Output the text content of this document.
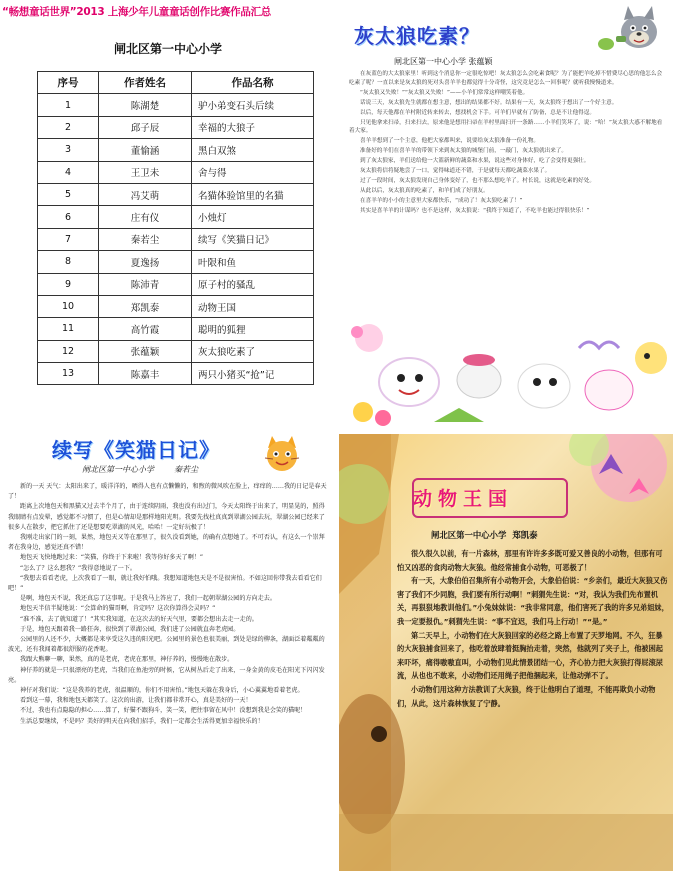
“畅想童话世界”2013 上海少年儿童童话创作比赛作品汇总
闸北区第一中心小学
序号	作者姓名	作品名称
1	陈湖楚	驴小弟变石头后续
2	邱子辰	幸福的大狼子
3	董愉涵	黑白双煞
4	王卫未	舍与得
5	冯艾萌	名猫体验馆里的名猫
6	庄有仪	小烛灯
7	秦若尘	续写《笑猫日记》
8	夏逸扬	叶限和鱼
9	陈沛青	原子村的骚乱
10	郑凯泰	动物王国
11	高竹霞	聪明的狐狸
12	张蕴颖	灰太狼吃素了
13	陈嘉丰	两只小猪买“抢”记
灰太狼吃素？
闸北区第一中心小学 张蕴颖

在灰蓝色的大太狼家里！听到这个消息你一定很吃惊吧！灰太狼怎么会吃素食呢？为了能把羊吃掉不惜费尽心思的他怎么会吃素了呢？一直以来是灰太狼的死对头喜羊羊也都觉得十分奇怪，这究竟是怎么一回事呢？就听我慢慢道来。

“灰太狼又失败！”“灰太狼又失败！”——小羊们常常这样嘲笑着他。

话说三天，灰太狼先生就都在想主意，想出的结果都不好。结果有一天，灰太狼终于想出了一个好主意。

以后，每天他都在羊村附近转来转去，想找机会下手。可羊们早就有了防备，总是不让他得逞。

只见他拿来扫帚，扫来扫去，原来他是想用扫帚在羊村里面扫开一条路……小羊们笑坏了，说：“哈！”灰太狼大惑不解地看着大家。

喜羊羊想到了一个主意，他把大家都叫来，说要给灰太狼准备一份礼物。

准备好的羊们在喜羊羊的带领下来到灰太狼的城堡门前，一敲门，灰太狼就出来了。

到了灰太狼家，羊们送给他一大篮新鲜的蔬菜和水果，说这些对身体好，吃了会变得更强壮。

灰太狼将信将疑地尝了一口，觉得味道还不错，于是就每天都吃蔬菜水果了。

过了一段时间，灰太狼发现自己身体变好了，也不那么想吃羊了。村长说，这就是吃素的好处。

从此以后，灰太狼真的吃素了，和羊们成了好朋友。

在喜羊羊的小小的主意里大家都快乐，“成功了！灰太狼吃素了！”

其实是喜羊羊的计谋吗？也不是这样，灰太狼说：“我终于知道了，不吃羊也能过得很快乐！”

续写《笑猫日记》
闸北区第一中心小学	秦若尘

新的一天 天气：太阳出来了，暖洋洋的，晒得人也有点懒懒的，和煦的微风吹在脸上，痒痒的……我的日记是春天了！

距离上次地包天和黑猫又过去半个月了，由于连续阴雨，我也没有出过门，今天太阳终于出来了，明显晃的，照得我眼睛有点发晕，感觉都不习惯了，但是心情却是那样地阳光明。我要先找杜真真到翠湖公园去玩，翠湖公园已经来了很多人在散步，把它抓住了还是想要吃翠湖的风光，哈哈！一定好玩极了！

我刚走出家门的一刻，果然，地包天又等在那里了，很久没看到她，的确有点想她了。不可否认，有这么一个崇拜者在我身边，感觉还真不错！

地包天飞快地跑过来：“笑猫，你终于下来啦！我等你好多天了啊！”

“怎么了？这么想我？”我得意地说了一下。

“我想去看看老虎，上次我看了一眼，就让我好怕哦。我想知道地包天是不是很害怕。不如这回你带我去看看它们吧！”

是啊，地包天不说，我还真忘了这事呢。于是我马上答应了，我们一起朝翠湖公园的方向走去。

地包天半信半疑地说：“会算命的猫哥啊，肯定吗？这次你算得会灵吗？”

“准不准，去了就知道了！”其实我知道，在这次去的好天气里，要都会想出去走一走的。

于是，地包天跟着我一路狂奔，很快到了翠湖公园，我们进了公园就直奔老虎园。

公园里的人还不少，大概都是来享受这久违的阳光吧。公园里的景色也很美丽，到处是绿的柳条，湖面泛着粼粼的波光，还有我闻着都很舒服的花香呢。

我跟大熊聊一聊，果然，真的是老虎，老虎在那里，神仔养的，慢慢地在散步。

神仔养的就是一只很漂亮的老虎，当我们在鱼池旁的时候，它从树丛后走了出来，一身金黄的皮毛在阳光下闪闪发亮。

神仔对我们说：“这是我养的老虎，很温顺的，你们不用害怕。”地包天躲在我身后，小心翼翼地看着老虎。

看到这一幕，我和地包天都笑了。这次的出游，让我们都非常开心，真是美好的一天！

不过，我也有点隐隐的担心……算了，好猫不跟狗斗，笑一笑，把往事留在风中！没想到我是会笑的猫呢！

生活总要继续，不是吗？美好的明天在向我们招手，我们一定都会生活得更加幸福快乐的！

动物王国
闸北区第一中心小学 郑凯泰

很久很久以前，有一片森林，那里有许许多多既可爱又善良的小动物，但那有可怕又凶恶的食肉动物大灰狼。他经常捕食小动物，可恶极了！

有一天，大象伯伯召集所有小动物开会，大象伯伯说：“乡亲们，最近大灰狼又伤害了我们不少同胞，我们要有所行动啊！”刺猬先生说：“对，我认为我们先布置机关，再狠狠地教训他们。”小兔妹妹说：“我非常同意，他们害死了我的许多兄弟姐妹，我一定要报仇。”刺猬先生说：“事不宜迟，我们马上行动！”“是。”

第二天早上，小动物们在大灰狼回家的必经之路上布置了天罗地网。不久，狂暴的大灰狼捕食回来了，他吃着放肆着挺胸抬走着，突然，他就列了夹子上，他被困起来吓坏，痛得嗷嗷直叫，小动物们见此情景团结一心，齐心协力把大灰狼打得屁滚尿流，从也也不敢来，小动物们还用绳子把他捆起来，让他动弹不了。

小动物们用这种方法教训了大灰狼，终于让他明白了道理，不能再欺负小动物们，从此，这片森林恢复了宁静。
